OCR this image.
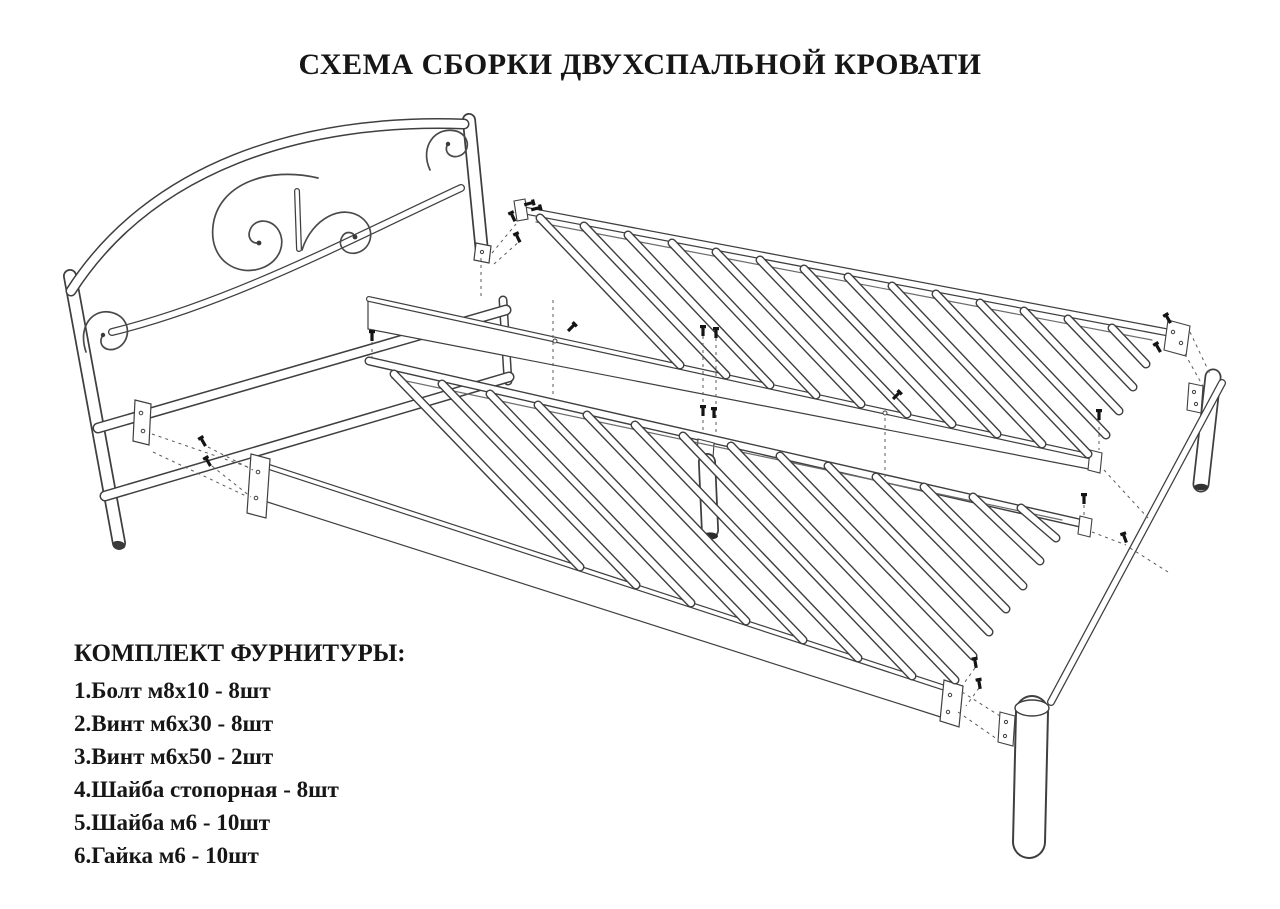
СХЕМА СБОРКИ ДВУХСПАЛЬНОЙ КРОВАТИ
КОМПЛЕКТ ФУРНИТУРЫ:
1.Болт м8х10 - 8шт
2.Винт м6х30 - 8шт
3.Винт м6х50 - 2шт
4.Шайба стопорная - 8шт
5.Шайба м6 - 10шт
6.Гайка м6 - 10шт
